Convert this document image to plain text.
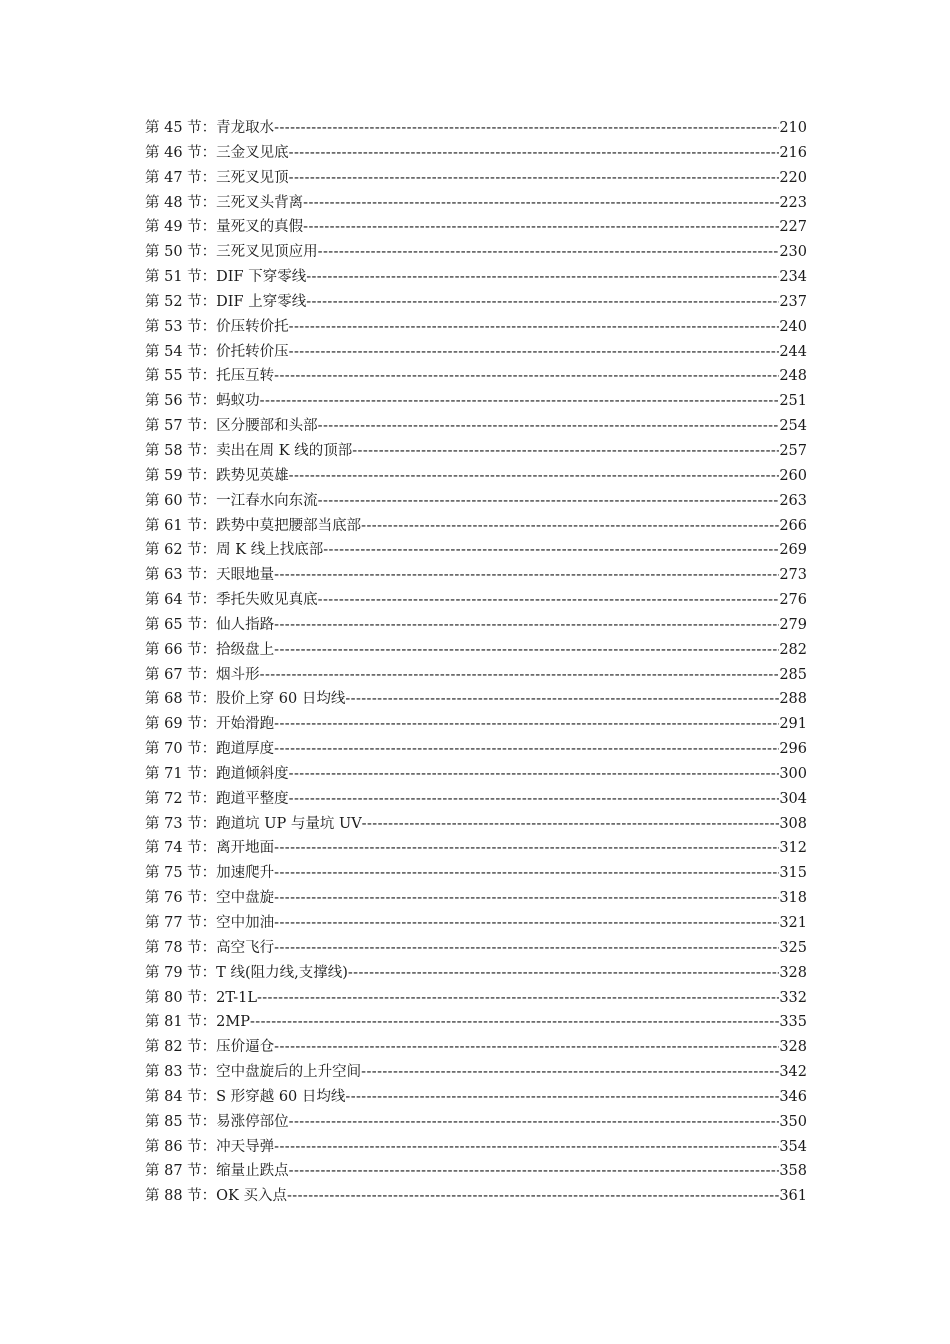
第 45 节：青龙取水 -----	210
第 46 节：三金叉见底 -----	216
第 47 节：三死叉见顶 -----	220
第 48 节：三死叉头背离 -----	223
第 49 节：量死叉的真假 -----	227
第 50 节：三死叉见顶应用 -----	230
第 51 节：DIF 下穿零线 -----	234
第 52 节：DIF 上穿零线 -----	237
第 53 节：价压转价托 -----	240
第 54 节：价托转价压 -----	244
第 55 节：托压互转 -----	248
第 56 节：蚂蚁功 -----	251
第 57 节：区分腰部和头部 -----	254
第 58 节：卖出在周 K 线的顶部 -----	257
第 59 节：跌势见英雄 -----	260
第 60 节：一江春水向东流 -----	263
第 61 节：跌势中莫把腰部当底部 -----	266
第 62 节：周 K 线上找底部 -----	269
第 63 节：天眼地量 -----	273
第 64 节：季托失败见真底 -----	276
第 65 节：仙人指路 -----	279
第 66 节：拾级盘上 -----	282
第 67 节：烟斗形 -----	285
第 68 节：股价上穿 60 日均线 -----	288
第 69 节：开始滑跑 -----	291
第 70 节：跑道厚度 -----	296
第 71 节：跑道倾斜度 -----	300
第 72 节：跑道平整度 -----	304
第 73 节：跑道坑 UP 与量坑 UV -----	308
第 74 节：离开地面 -----	312
第 75 节：加速爬升 -----	315
第 76 节：空中盘旋 -----	318
第 77 节：空中加油 -----	321
第 78 节：高空飞行 -----	325
第 79 节：T 线(阻力线,支撑线) -----	328
第 80 节：2T-1L -----	332
第 81 节：2MP -----	335
第 82 节：压价逼仓 -----	328
第 83 节：空中盘旋后的上升空间 -----	342
第 84 节：S 形穿越 60 日均线 -----	346
第 85 节：易涨停部位 -----	350
第 86 节：冲天导弹 -----	354
第 87 节：缩量止跌点 -----	358
第 88 节：OK 买入点 -----	361
